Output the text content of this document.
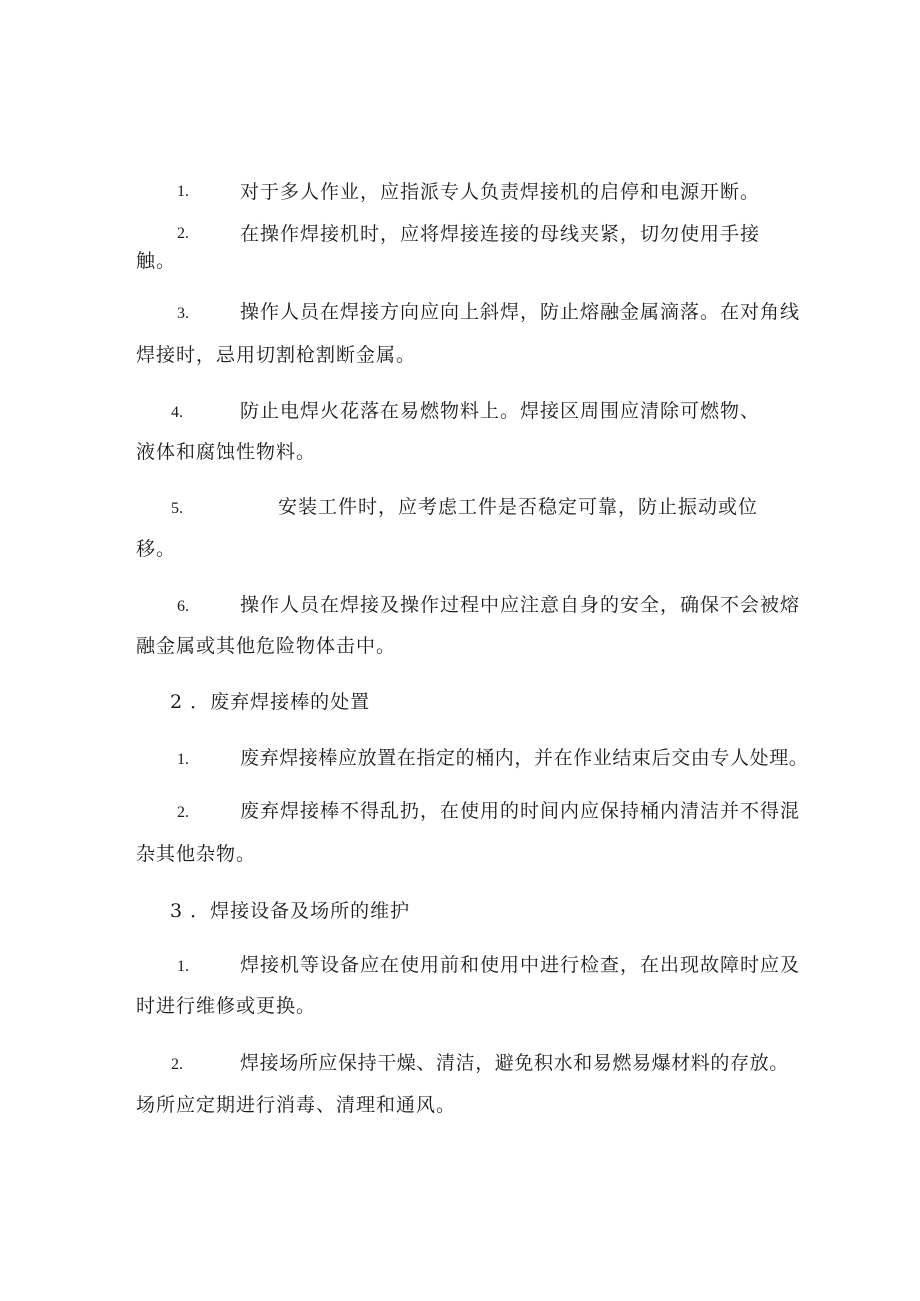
1.	对于多人作业，应指派专人负责焊接机的启停和电源开断。
2.	在操作焊接机时，应将焊接连接的母线夹紧，切勿使用手接
触。
3.	操作人员在焊接方向应向上斜焊，防止熔融金属滴落。在对角线
焊接时，忌用切割枪割断金属。
4.	防止电焊火花落在易燃物料上。焊接区周围应清除可燃物、
液体和腐蚀性物料。
5.	安装工件时，应考虑工件是否稳定可靠，防止振动或位
移。
6.	操作人员在焊接及操作过程中应注意自身的安全，确保不会被熔
融金属或其他危险物体击中。
2 ．废弃焊接棒的处置
1.	废弃焊接棒应放置在指定的桶内，并在作业结束后交由专人处理。
2.	废弃焊接棒不得乱扔，在使用的时间内应保持桶内清洁并不得混
杂其他杂物。
3 ．焊接设备及场所的维护
1.	焊接机等设备应在使用前和使用中进行检查，在出现故障时应及
时进行维修或更换。
2.	焊接场所应保持干燥、清洁，避免积水和易燃易爆材料的存放。
场所应定期进行消毒、清理和通风。
